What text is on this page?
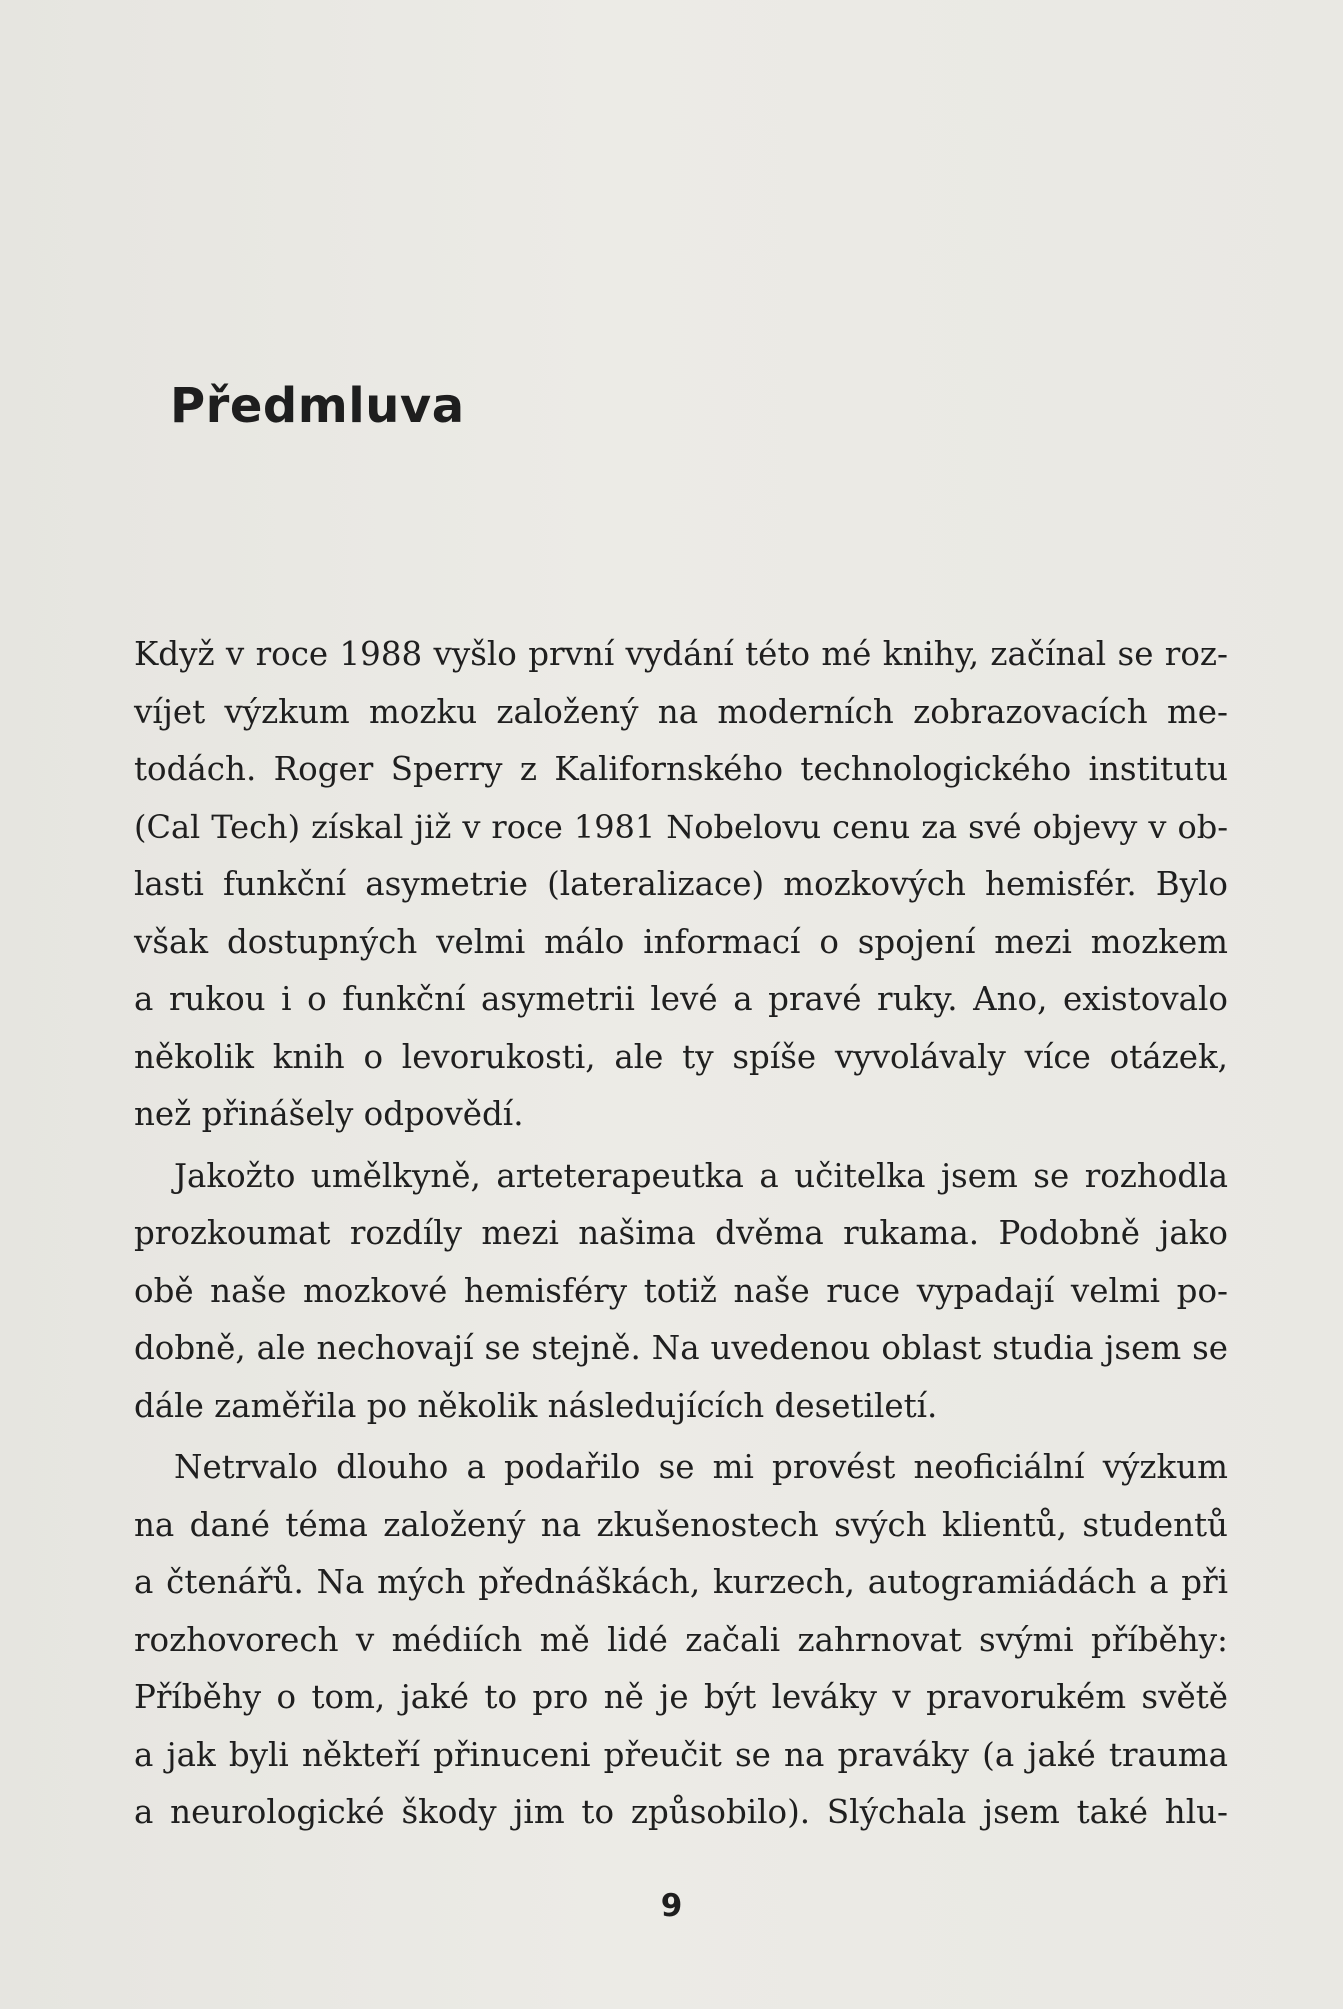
Předmluva
Když v roce 1988 vyšlo první vydání této mé knihy, začínal se roz-
víjet výzkum mozku založený na moderních zobrazovacích me-
todách. Roger Sperry z Kalifornského technologického institutu
(Cal Tech) získal již v roce 1981 Nobelovu cenu za své objevy v ob-
lasti funkční asymetrie (lateralizace) mozkových hemisfér. Bylo
však dostupných velmi málo informací o spojení mezi mozkem
a rukou i o funkční asymetrii levé a pravé ruky. Ano, existovalo
několik knih o levorukosti, ale ty spíše vyvolávaly více otázek,
než přinášely odpovědí.
Jakožto umělkyně, arteterapeutka a učitelka jsem se rozhodla
prozkoumat rozdíly mezi našima dvěma rukama. Podobně jako
obě naše mozkové hemisféry totiž naše ruce vypadají velmi po-
dobně, ale nechovají se stejně. Na uvedenou oblast studia jsem se
dále zaměřila po několik následujících desetiletí.
Netrvalo dlouho a podařilo se mi provést neoficiální výzkum
na dané téma založený na zkušenostech svých klientů, studentů
a čtenářů. Na mých přednáškách, kurzech, autogramiádách a při
rozhovorech v médiích mě lidé začali zahrnovat svými příběhy:
Příběhy o tom, jaké to pro ně je být leváky v pravorukém světě
a jak byli někteří přinuceni přeučit se na praváky (a jaké trauma
a neurologické škody jim to způsobilo). Slýchala jsem také hlu-
9
